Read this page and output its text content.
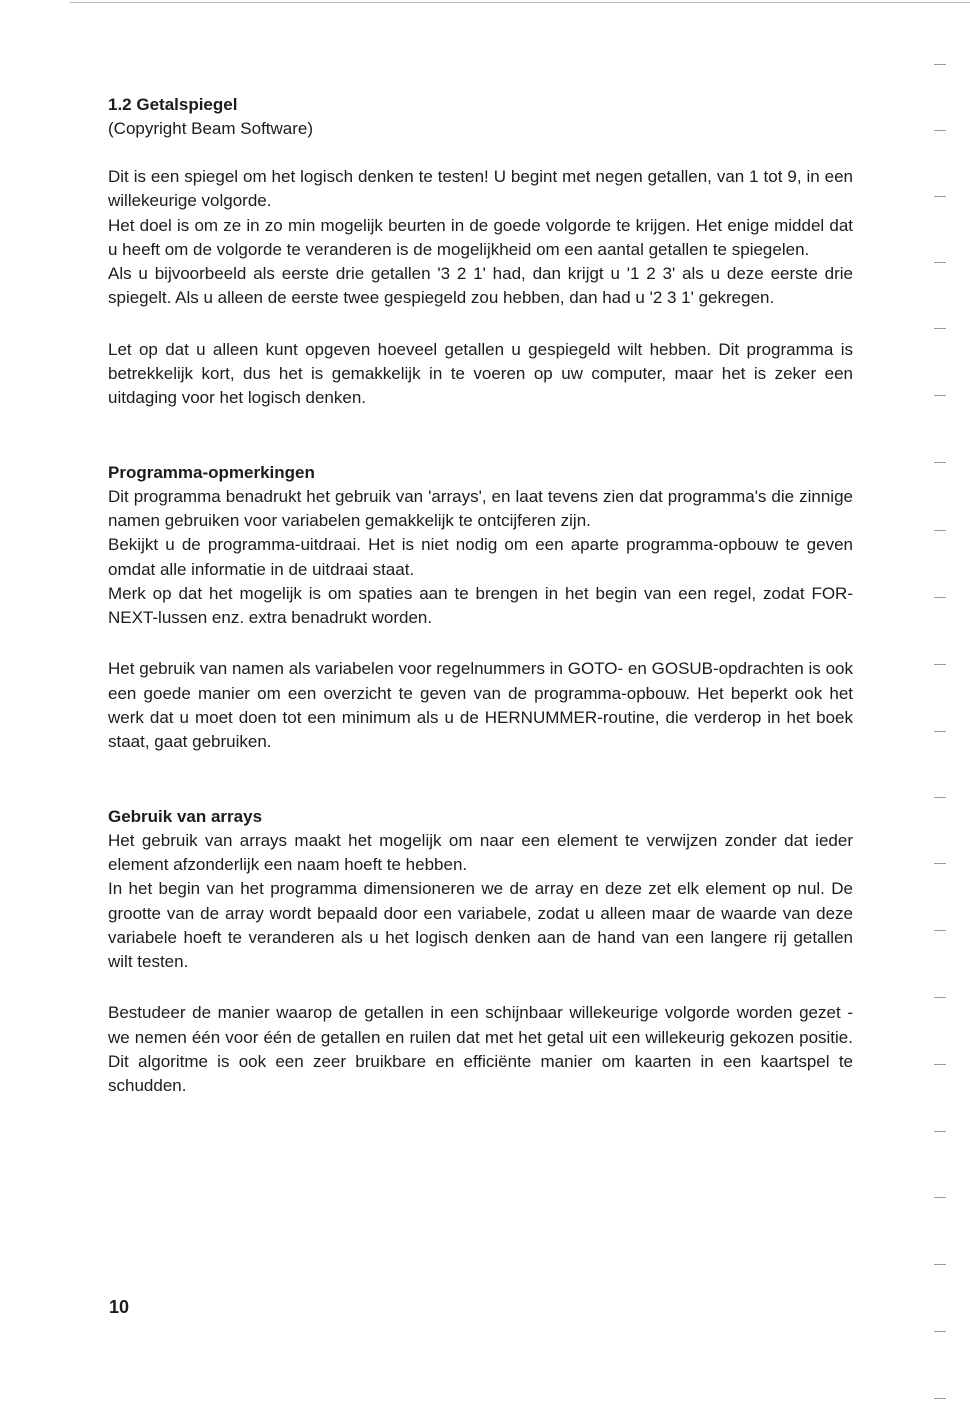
1.2 Getalspiegel

(Copyright Beam Software)

Dit is een spiegel om het logisch denken te testen! U begint met negen getallen, van 1 tot 9, in een willekeurige volgorde.

Het doel is om ze in zo min mogelijk beurten in de goede volgorde te krijgen. Het enige middel dat u heeft om de volgorde te veranderen is de mogelijkheid om een aantal getallen te spiegelen.

Als u bijvoorbeeld als eerste drie getallen '3 2 1' had, dan krijgt u '1 2 3' als u deze eerste drie spiegelt. Als u alleen de eerste twee gespiegeld zou hebben, dan had u '2 3 1' gekregen.

Let op dat u alleen kunt opgeven hoeveel getallen u gespiegeld wilt hebben. Dit programma is betrekkelijk kort, dus het is gemakkelijk in te voeren op uw computer, maar het is zeker een uitdaging voor het logisch denken.

Programma-opmerkingen

Dit programma benadrukt het gebruik van 'arrays', en laat tevens zien dat programma's die zinnige namen gebruiken voor variabelen gemakkelijk te ontcijferen zijn.

Bekijkt u de programma-uitdraai. Het is niet nodig om een aparte programma-opbouw te geven omdat alle informatie in de uitdraai staat.

Merk op dat het mogelijk is om spaties aan te brengen in het begin van een regel, zodat FOR-NEXT-lussen enz. extra benadrukt worden.

Het gebruik van namen als variabelen voor regelnummers in GOTO- en GOSUB-opdrachten is ook een goede manier om een overzicht te geven van de programma-opbouw. Het beperkt ook het werk dat u moet doen tot een minimum als u de HERNUMMER-routine, die verderop in het boek staat, gaat gebruiken.

Gebruik van arrays

Het gebruik van arrays maakt het mogelijk om naar een element te verwijzen zonder dat ieder element afzonderlijk een naam hoeft te hebben.

In het begin van het programma dimensioneren we de array en deze zet elk element op nul. De grootte van de array wordt bepaald door een variabele, zodat u alleen maar de waarde van deze variabele hoeft te veranderen als u het logisch denken aan de hand van een langere rij getallen wilt testen.

Bestudeer de manier waarop de getallen in een schijnbaar willekeurige volgorde worden gezet - we nemen één voor één de getallen en ruilen dat met het getal uit een willekeurig gekozen positie. Dit algoritme is ook een zeer bruikbare en efficiënte manier om kaarten in een kaartspel te schudden.

10
